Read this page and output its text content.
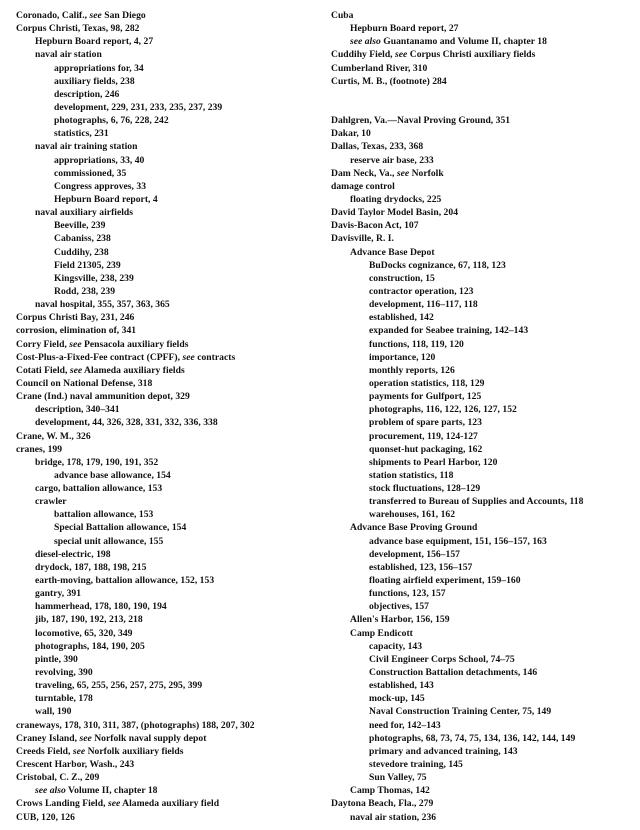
Coronado, Calif., see San Diego
Corpus Christi, Texas, 98, 282
Hepburn Board report, 4, 27
naval air station
appropriations for, 34
auxiliary fields, 238
description, 246
development, 229, 231, 233, 235, 237, 239
photographs, 6, 76, 228, 242
statistics, 231
naval air training station
appropriations, 33, 40
commissioned, 35
Congress approves, 33
Hepburn Board report, 4
naval auxiliary airfields
Beeville, 239
Cabaniss, 238
Cuddihy, 238
Field 21305, 239
Kingsville, 238, 239
Rodd, 238, 239
naval hospital, 355, 357, 363, 365
Corpus Christi Bay, 231, 246
corrosion, elimination of, 341
Corry Field, see Pensacola auxiliary fields
Cost-Plus-a-Fixed-Fee contract (CPFF), see contracts
Cotati Field, see Alameda auxiliary fields
Council on National Defense, 318
Crane (Ind.) naval ammunition depot, 329
description, 340–341
development, 44, 326, 328, 331, 332, 336, 338
Crane, W. M., 326
cranes, 199
bridge, 178, 179, 190, 191, 352
advance base allowance, 154
cargo, battalion allowance, 153
crawler
battalion allowance, 153
Special Battalion allowance, 154
special unit allowance, 155
diesel-electric, 198
drydock, 187, 188, 198, 215
earth-moving, battalion allowance, 152, 153
gantry, 391
hammerhead, 178, 180, 190, 194
jib, 187, 190, 192, 213, 218
locomotive, 65, 320, 349
photographs, 184, 190, 205
pintle, 390
revolving, 390
traveling, 65, 255, 256, 257, 275, 295, 399
turntable, 178
wall, 190
craneways, 178, 310, 311, 387, (photographs) 188, 207, 302
Craney Island, see Norfolk naval supply depot
Creeds Field, see Norfolk auxiliary fields
Crescent Harbor, Wash., 243
Cristobal, C. Z., 209
see also Volume II, chapter 18
Crows Landing Field, see Alameda auxiliary field
CUB, 120, 126
Cuba
Hepburn Board report, 27
see also Guantanamo and Volume II, chapter 18
Cuddihy Field, see Corpus Christi auxiliary fields
Cumberland River, 310
Curtis, M. B., (footnote) 284
Dahlgren, Va.—Naval Proving Ground, 351
Dakar, 10
Dallas, Texas, 233, 368
reserve air base, 233
Dam Neck, Va., see Norfolk
damage control
floating drydocks, 225
David Taylor Model Basin, 204
Davis-Bacon Act, 107
Davisville, R. I.
Advance Base Depot
BuDocks cognizance, 67, 118, 123
construction, 15
contractor operation, 123
development, 116–117, 118
established, 142
expanded for Seabee training, 142–143
functions, 118, 119, 120
importance, 120
monthly reports, 126
operation statistics, 118, 129
payments for Gulfport, 125
photographs, 116, 122, 126, 127, 152
problem of spare parts, 123
procurement, 119, 124-127
quonset-hut packaging, 162
shipments to Pearl Harbor, 120
station statistics, 118
stock fluctuations, 128–129
transferred to Bureau of Supplies and Accounts, 118
warehouses, 161, 162
Advance Base Proving Ground
advance base equipment, 151, 156–157, 163
development, 156–157
established, 123, 156–157
floating airfield experiment, 159–160
functions, 123, 157
objectives, 157
Allen's Harbor, 156, 159
Camp Endicott
capacity, 143
Civil Engineer Corps School, 74–75
Construction Battalion detachments, 146
established, 143
mock-up, 145
Naval Construction Training Center, 75, 149
need for, 142–143
photographs, 68, 73, 74, 75, 134, 136, 142, 144, 149
primary and advanced training, 143
stevedore training, 145
Sun Valley, 75
Camp Thomas, 142
Daytona Beach, Fla., 279
naval air station, 236
